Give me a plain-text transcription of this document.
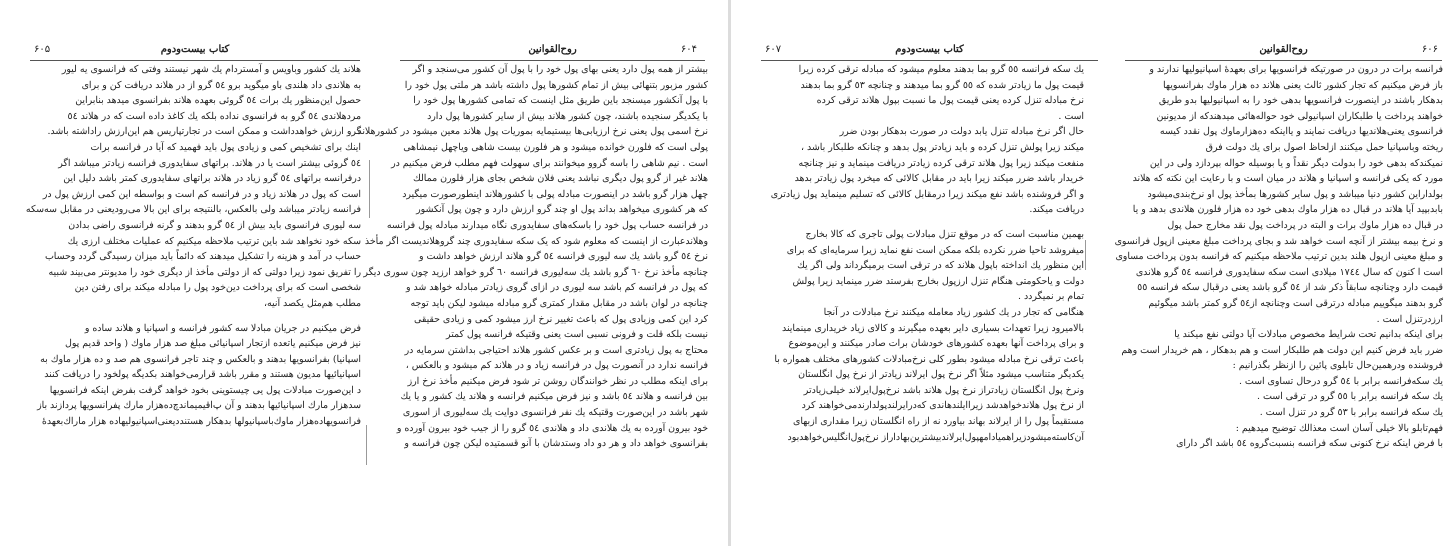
کتاب بیست‌ودوم
۶۰۵
هلاند یك كشور وباویس و آمستردام یك شهر نیستند وفتی كه فرانسوی یه لیور
به هلاندی داد هلندی باو میگوید برو ٥٤ گرو از در هلاند دریافت كن و برای
حصول این‌منظور یك برات ٥٤ گرو‌ئی بعهده هلاند بفرانسوی میدهد بنابراین
مرد‌هلاندی ٥٤ گرو به فرانسوی نداده بلكه یك کاغذ داده است كه در هلاند ٥٤
گرو ارزش خواهد‌داشت و ممكن است در ‌تجارتپاریس هم این‌ارزش را‌داشته باشد.
اینك برای تشخیص كمی و زیادی پول باید فهمید كه آیا در فرانسه برات
٥٤ گروئی بیشتر است یا در هلاند. برا‌تهای سفایدوری فرانسه زیادتر میباشد اگر
در‌فرانسه برا‌تهای ٥٤ گرو زیاد‌ در هلاند برا‌تهای سفایدوری كمتر باشد دلیل این
است كه پول در هلاند زیاد و در فرانسه كم است و بواسطه این كمی ارزش پول در
فرانسه زیادتر میباشد ولی بالعكس، بالنتیجه برای این بالا می‌رود‌یعنی در مقابل سه‌سكه
سه لیوری فرانسوی باید بیش از ٥٤ گرو بدهند و گرنه فرانسوی راضی بدادن
سكه خود نخواهد شد باین ترتیب ملاحظه میكنیم كه عملیات مختلف ارزی یك
حساب در آمد و هزینه را تشكیل میدهند كه دائماً باید میزان رسیدگی گردد وحساب
را تفریق نمود زیرا دولتی كه از‌ دولتی ‌مأخذ از‌ دیگری خود را مدیونتر می‌بیند شبیه
شخصی است كه برای پرداخت دین‌خود پول را مبادله میكند برای رفتن دین
مطلب هم‌مثل‌ یکصد آنیه،
فرض میکنیم در جریان مبادلا سه کشور فرانسه و اسپانیا و هلاند ساده و
نیز فرض میکنیم یاتعده ازتجار اسپانیائی مبلغ صد هزار‌ ماوك ( واحد قدیم پول
اسپانیا) بفرانسویها بدهند و بالعكس و چند تاجر فرانسوی هم صد و ده هزار ماوك به
اسپانیا‌ئیها مدیون هستند و مقرر باشد ‌قرار‌می‌خواهند ‌بکدیگه پولخود را دریافت کنند
د ‌این‌صورت مبادلات پول ‌یی ‌چیستوینی ‌بخود ‌خواهد گرفت ‌بفرض ‌اینکه ‌فرانسویها
سدهزار مارك اسپانیا‌ئیها بدهند ‌و ‌آ‌ن ‌پ‌اقیمیماندچ‌ده‌هزار‌ مارك ‌پفرانسویها‌ ‌پردازند باز
‌فرانسویها‌ده‌هزار ماوك‌باسپانیولها بدهكار هستنددیعنی‌اسپانیولیها‌ده ‌هزار ماراك‌بعهدهٔ
روح‌القوانین	۶۰۴
بیشتر از همه پول دارد یعنی بهای پول خود را با پول آن كشور می‌سنجد و اگر
كشور مزبور بتنهائی بیش از تمام كشورها پول داشته باشد هر ملتی پول خود را
با پول آنكشور میسنجد باین طریق مثل اینست كه تمامی كشورها پول خود را
با یكدیگر سنجیده باشند، چون كشور هلاند بیش از سایر كشورها پول دارد
نرخ اسمی پول یعنی نرخ ارزیابی‌ها‌ بیستیمایه‌‌‌ بموریات پول هلاند معین میشود در كشورهلاند
پولی است كه فلورن خوانده میشود و هر فلورن بیست شاهی ویاچهل نیمشاهی
است . نیم شاهی را باسه گروو میخوانند برای سهولت فهم مطلب فرض میکنیم در
هلاند غیر از گرو پول دیگری نباشد یعنی فلان شخص بجای هزار فلورن ممالك
چهل هزار گرو باشد در اینصورت مبادله پولی با كشورهلاند ‌‌اینطورصورت میگیرد
كه هر كشوری میخواهد بداند پول او چند گرو ارزش دارد و چون پول آنکشور
در فرانسه حساب پول خود را باسكه‌های سفایدوری نگاه میدارند مبادله پول فرانسه
وهلاند‌عبارت از ‌اینست که معلوم ‌شود که یک سكه سفایدوری چند گروهلاند‌یست اگر مأخذ
نرخ ٥٤ گرو باشد یك سه لیوری فرانسه ٥٤ گرو هلاند ارزش خواهد داشت و
چنانچه مأخذ نرخ ٦٠ گرو باشد یك سه‌لیوری فرانسه ٦٠ گرو خواهد ارزید چون سوری دیگر
كه پول در فرانسه كم باشد سه لیوری در ازای گروی زیادتر مبادله خواهد شد و
چنانچه در لوان باشد در مقابل مقدار كمتری گرو مبادله میشود لیكن باید توجه
كرد این كمی وزیادی پول كه باعث تغییر نرخ ارز میشود كمی و زیادی حقیقی
نیست بلكه قلت و فرونی نسبی است یعنی وقتیکه فرانسه پول كمتر
محتاج به پول زیادتری است و بر عكس كشور هلاند احتیاجی بداشتن سرمایه در
فرانسه ندارد در آنصورت پول در فرانسه زیاد و در هلاند كم میشود و بالعكس ،
برای اینكه مطلب در نظر خوانندگان روشن تر شود فرض میكنیم مأخذ نرخ ارز
بین فرانسه و هلاند ٥٤ باشد و نیز فرض میكنیم فرانسه و هلاند یك كشور و یا یك
شهر باشد در این‌صورت وقتیکه یك نفر فرانسوی دوایت یك سه‌لیوری از اسوری
خود بیرون آورده به یك هلاندی داد و هلاندی ٥٤ گرو را از جیب خود بیرون آورده و
بفرانسوی خواهد داد و هر دو داد وستد‌شان با ‌آنو ‌قسمتیده لیكن چون فرانسه و
کتاب بیست‌ودوم
۶۰۷
یك سكه فرانسه ٥٥ گرو بما بدهند معلوم میشود كه مبادله ترقی كرده زیرا
قیمت پول ما زیادتر شده كه ٥٥ گرو بما میدهند و چنانچه ٥٣ گرو بما بدهند
نرخ مبادله تنزل كرده یعنی قیمت پول ما نسبت بپول هلاند ترقی كرده
است .
حال اگر نرخ مبادله تنزل یابد دولت در صورت بدهكار بودن ضرر
میكند زیرا پولش تنزل كرده و باید زیادتر پول بدهد و چنانكه طلبكار باشد ،
منفعت میكند زیرا پول هلاند ترقی كرده زیادتر دریافت مینماید و نیز چنانچه
خریدار باشد ضرر میكند زیرا باید در مقابل كالائی كه میخرد پول زیادتر بدهد
و اگر فروشنده باشد نفع میكند زیرا درمقابل كالائی كه تسلیم مینماید پول زیادتری
دریافت میكند.
بهمین مناسبت است كه در موقع تنزل مبادلات پولی تاجری كه كالا بخارج
میفروشد تاحیا ضرر نكرده بلكه ممكن است نفع نماید زیرا سرمایه‌ای كه برای
این منظور یك اندا‌خته باپول هلاند كه در ترقی است برمیگرداند ولی اگر یك
دولت و یاحكومتی هنگام تنزل ارزپول بخارج بفرستد ضرر مینماید زیرا پولش
تمام بر نمیگردد .
هنگامی كه تجار در یك كشور زیاد معامله میكنند نرخ مبادلات در آنجا
بالامیرود زیرا تعهدات بسیاری دایر بعهده میگیرند و كالای زیاد خریداری مینمایند
و برای پرداخت آنها بعهده كشورهای خودشان برات صادر میكنند و این‌موضوع
باعث ترقی نرخ مبادله میشود بطور كلی نرخ‌مبادلات كشورهای مختلف همواره با
یكدیگر متناسب میشود مثلاً اگر نرخ پول ایرلاند زیادتر از نرخ پول انگلستان
ونرخ پول انگلستان زیادتراز نرخ پول هلاند باشد نرخ‌پول‌ایرلاند خیلی‌زیادتر
از نرخ پول هلاند‌خواهدشد زیرا‌ایلندهاندی كه‌درایرلندپولدارندمی‌خواهند كرد
مستقیماً پول را از ایرلاند بهاند بیاورد نه از راه انگلستان زیرا مقداری از‌بهای
آن‌كاسته‌میشود‌زیر‌اهمیاد‌امهپول‌ایرلاندبیشترین‌بهادار‌از نرخ‌پول‌انگلیس‌خواهد‌بود
روح‌القوانین	۶۰۶
فرانسه‌ برات در درون در صورتیكه فرانسویها برای بعهدهٔ اسپانیولیها ندارند و
باز فرض میكنیم كه تجار كشور ثالث یعنی هلاند ده هزار ماوك بفرانسویها
بدهكار باشند در اینصورت فرانسویها بدهی خود را به اسپانیولیها بدو طریق
خواهند پرداخت یا طلبكاران اسپانیولی خود حواله‌هائی میدهندكه از مدیونین
فرانسوی یعنی‌هلاندیها دریافت نمایند و یااینكه ده‌هزارماوك پول نقدد كیسه
ریخته وباسپانیا حمل میكنند ازلحاظ اصول برای یك دولت فرق
نمیكندكه بدهی خود را بدولت دیگر نقداً و یا بوسیله حواله بپردازد ولی در این
مورد كه یكی فرانسه و اسپانیا و هلاند در میان است و با رعایت این نكته كه هلاند
بولداراین كشور دنیا میباشد و پول سایر كشورها بمأخذ پول او نرخ‌بندی‌میشود
بابدبپید آیا هلاند در قبال ده هزار ماوك بدهی‌ خود ده هزار فلورن هلاندی بدهد و یا
در قبال ده هزار ماوك برات و البته در پرداخت پول نقد مخارج حمل پول
و نرخ بیمه بیشتر از آنچه است خواهد‌ شد و بجای پرداخت مبلغ معینی ازپول فرانسوی
و مبلغ معینی ازپول هلند بدین ترتیب ملاحظه میكنیم كه فرانسه بدون پرداخت مساوی
است‌ ا كنون كه سال ١٧٤٤ میلادی است سكه سفایدوری فرانسه ٥٤ گرو هلاندی
قیمت دارد وچنانچه سابقاً ذكر شد از ٥٤ گرو باشد یعنی درقبال سكه فرانسه ٥٥
گرو بدهند میگوییم مبادله درترقی است وچنانچه از٥٤ گرو كمتر باشد میگوئیم
ارزدرتنزل است .
برای اینكه بدانیم تحت شرایط مخصوص مبادلات آیا دولتی نفع میكند یا
ضرر بايد فرض كنيم اين دولت هم طلبكار است و هم بدهكار ، هم خريدار است وهم
فروشنده ودر‌همین‌حال تابلوی پائین را ازنظر بگذرانیم :
یك سكه‌فرانسه برابر با ٥٤ گرو در‌حال تساوی است .
یك سكه فرانسه برابر با ٥٥ گرو در ترقی است .
یك سكه فرانسه برابر با ٥٣ گرو در تنزل است .
فهم‌تابلو بالا خیلی آسان است معذالك توضیح میدهیم :
با فرض اینكه نرخ كنونی سكه فرانسه بنسبت‌گروه ٥٤ باشد اگر دارای
